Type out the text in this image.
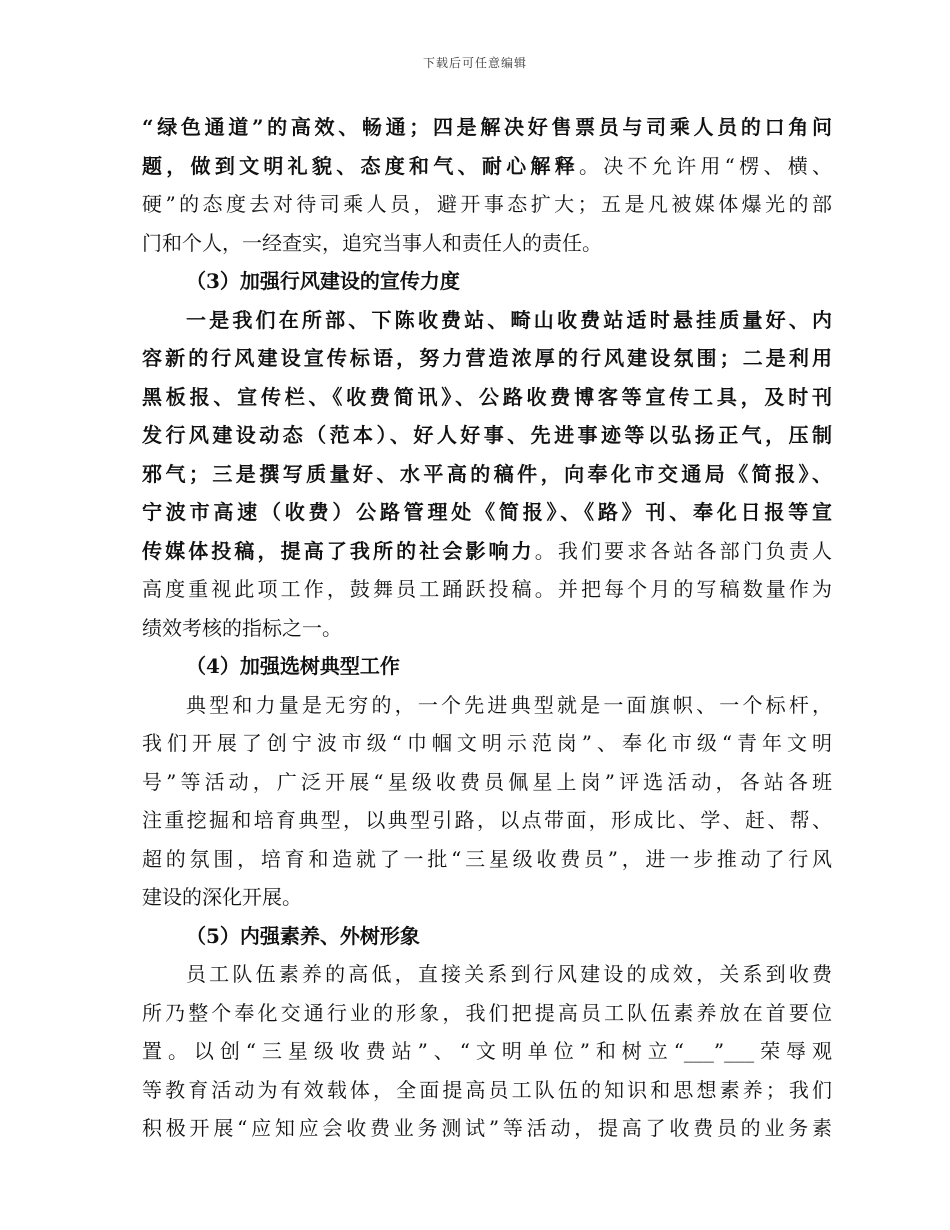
下载后可任意编辑
“绿色通道”的高效、畅通；四是解决好售票员与司乘人员的口角问
题，做到文明礼貌、态度和气、耐心解释。决不允许用“楞、横、
硬”的态度去对待司乘人员，避开事态扩大；五是凡被媒体爆光的部
门和个人，一经查实，追究当事人和责任人的责任。
（3）加强行风建设的宣传力度
一是我们在所部、下陈收费站、畸山收费站适时悬挂质量好、内
容新的行风建设宣传标语，努力营造浓厚的行风建设氛围；二是利用
黑板报、宣传栏、《收费简讯》、公路收费博客等宣传工具，及时刊
发行风建设动态（范本）、好人好事、先进事迹等以弘扬正气，压制
邪气；三是撰写质量好、水平高的稿件，向奉化市交通局《简报》、
宁波市高速（收费）公路管理处《简报》、《路》刊、奉化日报等宣
传媒体投稿，提高了我所的社会影响力。我们要求各站各部门负责人
高度重视此项工作，鼓舞员工踊跃投稿。并把每个月的写稿数量作为
绩效考核的指标之一。
（4）加强选树典型工作
典型和力量是无穷的，一个先进典型就是一面旗帜、一个标杆，
我们开展了创宁波市级“巾帼文明示范岗”、奉化市级“青年文明
号”等活动，广泛开展“星级收费员佩星上岗”评选活动，各站各班
注重挖掘和培育典型，以典型引路，以点带面，形成比、学、赶、帮、
超的氛围，培育和造就了一批“三星级收费员”，进一步推动了行风
建设的深化开展。
（5）内强素养、外树形象
员工队伍素养的高低，直接关系到行风建设的成效，关系到收费
所乃整个奉化交通行业的形象，我们把提高员工队伍素养放在首要位
置。以创“三星级收费站”、“文明单位”和树立“___”___荣辱观
等教育活动为有效载体，全面提高员工队伍的知识和思想素养；我们
积极开展“应知应会收费业务测试”等活动，提高了收费员的业务素
